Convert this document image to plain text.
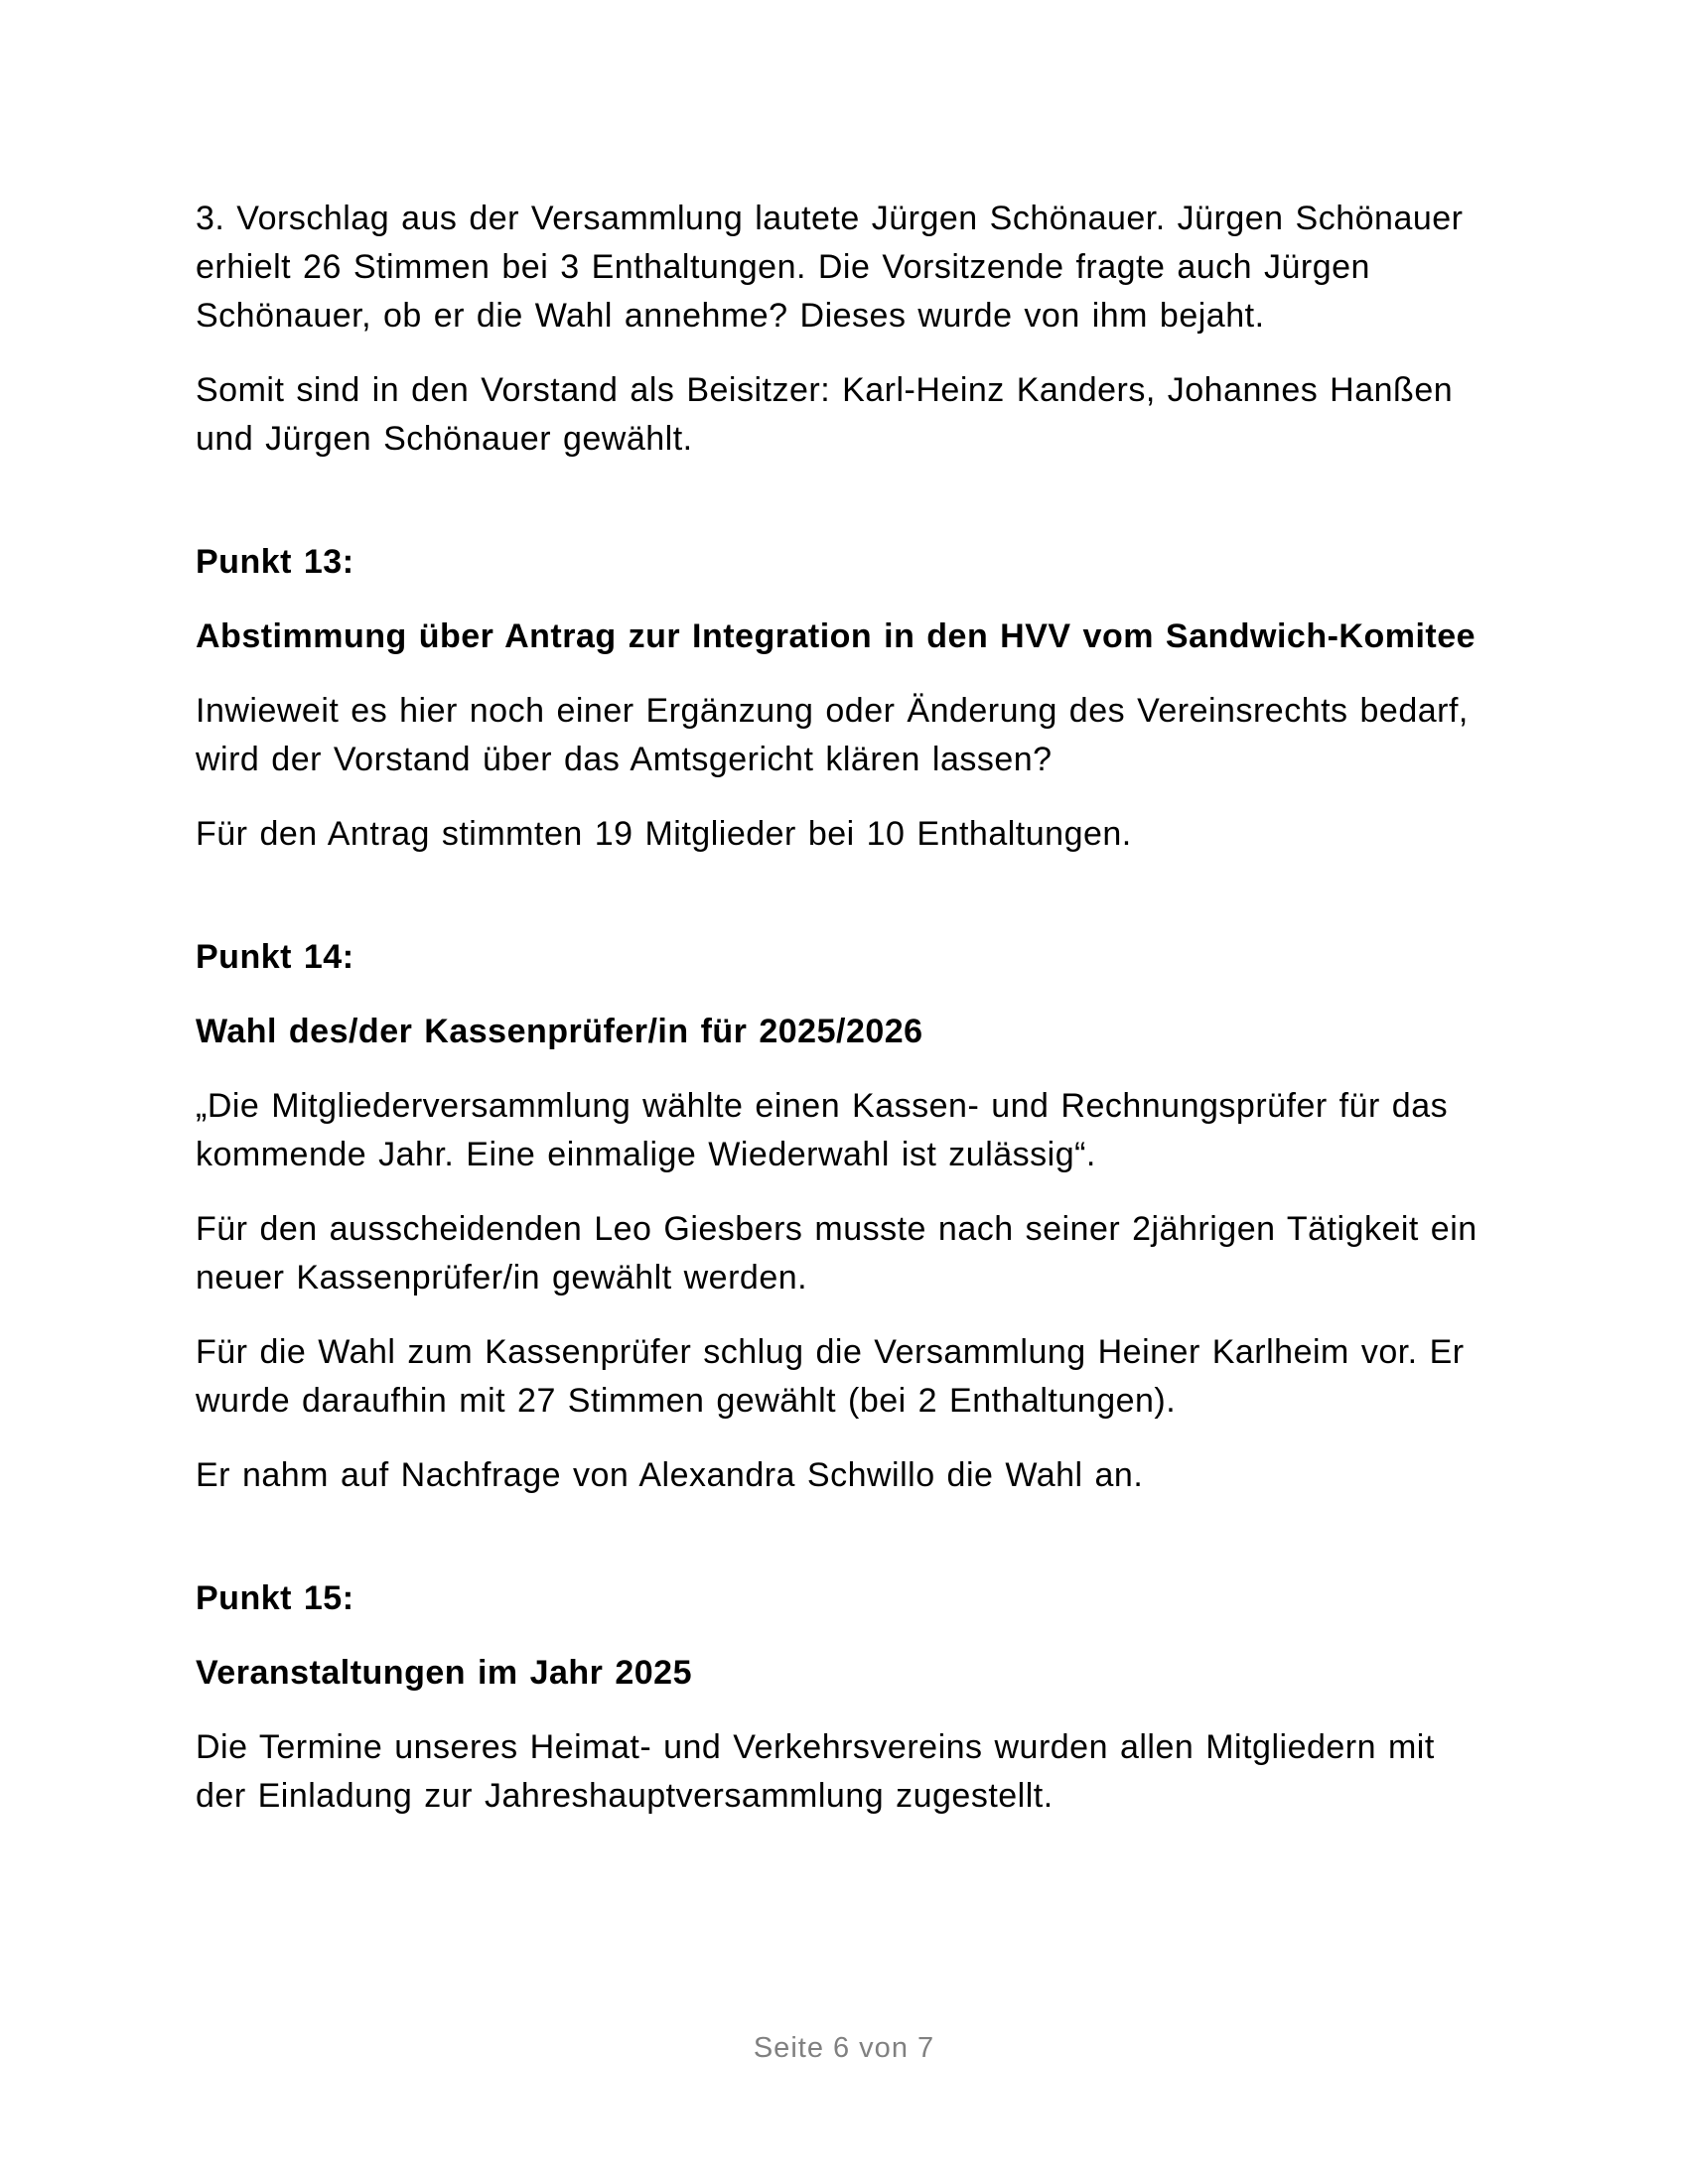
3. Vorschlag aus der Versammlung lautete Jürgen Schönauer. Jürgen Schönauer erhielt 26 Stimmen bei 3 Enthaltungen. Die Vorsitzende fragte auch Jürgen Schönauer, ob er die Wahl annehme? Dieses wurde von ihm bejaht.

Somit sind in den Vorstand als Beisitzer: Karl-Heinz Kanders, Johannes Hanßen und Jürgen Schönauer gewählt.

Punkt 13:

Abstimmung über Antrag zur Integration in den HVV vom Sandwich-Komitee

Inwieweit es hier noch einer Ergänzung oder Änderung des Vereinsrechts bedarf, wird der Vorstand über das Amtsgericht klären lassen?

Für den Antrag stimmten 19 Mitglieder bei 10 Enthaltungen.

Punkt 14:

Wahl des/der Kassenprüfer/in für 2025/2026

„Die Mitgliederversammlung wählte einen Kassen- und Rechnungsprüfer für das kommende Jahr. Eine einmalige Wiederwahl ist zulässig“.

Für den ausscheidenden Leo Giesbers musste nach seiner 2jährigen Tätigkeit ein neuer Kassenprüfer/in gewählt werden.

Für die Wahl zum Kassenprüfer schlug die Versammlung Heiner Karlheim vor. Er wurde daraufhin mit 27 Stimmen gewählt (bei 2 Enthaltungen).

Er nahm auf Nachfrage von Alexandra Schwillo die Wahl an.

Punkt 15:

Veranstaltungen im Jahr 2025

Die Termine unseres Heimat- und Verkehrsvereins wurden allen Mitgliedern mit der Einladung zur Jahreshauptversammlung zugestellt.

Seite 6 von 7
